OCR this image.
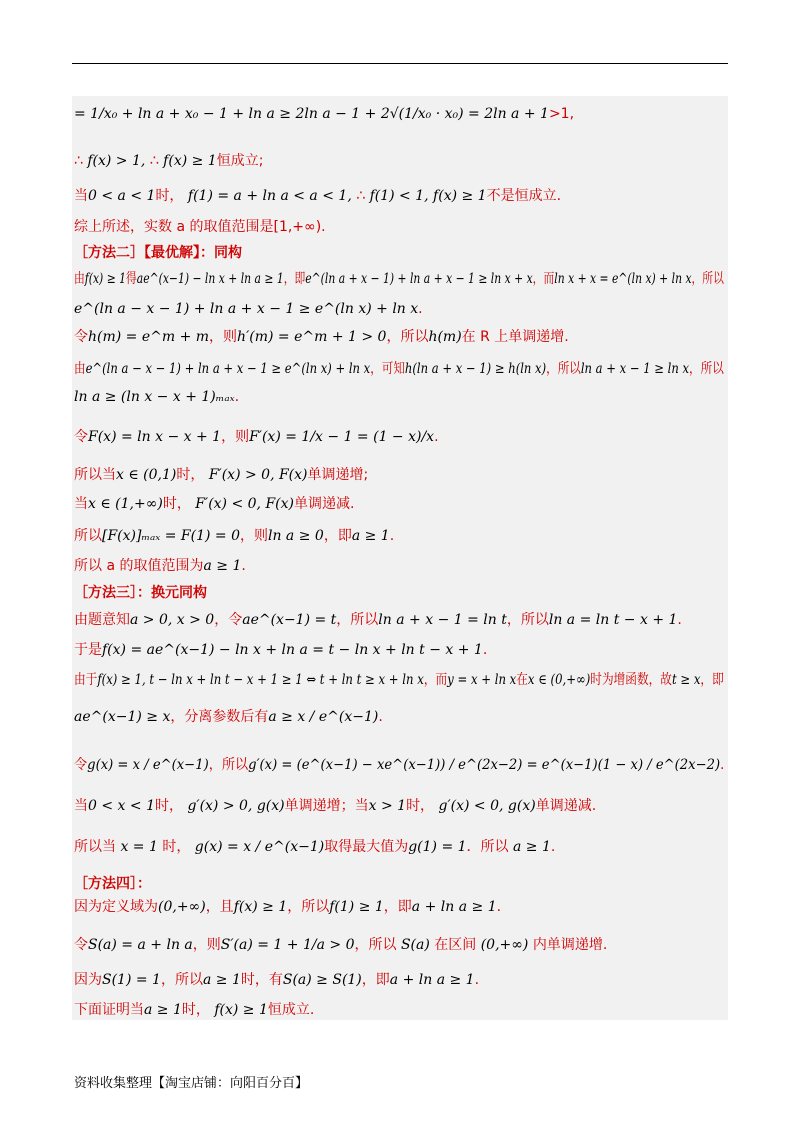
= 1/x₀ + ln a + x₀ − 1 + ln a ≥ 2ln a − 1 + 2√(1/x₀ · x₀) = 2ln a + 1>1,
∴ f(x) > 1, ∴ f(x) ≥ 1恒成立;
当0 < a < 1时， f(1) = a + ln a < a < 1, ∴ f(1) < 1, f(x) ≥ 1不是恒成立.
综上所述，实数 a 的取值范围是[1,+∞).
［方法二］【最优解】：同构
由f(x) ≥ 1得ae^(x−1) − ln x + ln a ≥ 1，即e^(ln a + x − 1) + ln a + x − 1 ≥ ln x + x，而ln x + x = e^(ln x) + ln x，所以
e^(ln a − x − 1) + ln a + x − 1 ≥ e^(ln x) + ln x.
令h(m) = e^m + m，则h′(m) = e^m + 1 > 0，所以h(m)在 R 上单调递增.
由e^(ln a − x − 1) + ln a + x − 1 ≥ e^(ln x) + ln x，可知h(ln a + x − 1) ≥ h(ln x)，所以ln a + x − 1 ≥ ln x，所以
ln a ≥ (ln x − x + 1)ₘₐₓ.
令F(x) = ln x − x + 1，则F′(x) = 1/x − 1 = (1 − x)/x.
所以当x ∈ (0,1)时， F′(x) > 0, F(x)单调递增;
当x ∈ (1,+∞)时， F′(x) < 0, F(x)单调递减.
所以[F(x)]ₘₐₓ = F(1) = 0，则ln a ≥ 0，即a ≥ 1.
所以 a 的取值范围为a ≥ 1.
［方法三］：换元同构
由题意知a > 0, x > 0，令ae^(x−1) = t，所以ln a + x − 1 = ln t，所以ln a = ln t − x + 1.
于是f(x) = ae^(x−1) − ln x + ln a = t − ln x + ln t − x + 1.
由于f(x) ≥ 1, t − ln x + ln t − x + 1 ≥ 1 ⇔ t + ln t ≥ x + ln x，而y = x + ln x在x ∈ (0,+∞)时为增函数，故t ≥ x，即
ae^(x−1) ≥ x，分离参数后有a ≥ x / e^(x−1).
令g(x) = x / e^(x−1)，所以g′(x) = (e^(x−1) − xe^(x−1)) / e^(2x−2) = e^(x−1)(1 − x) / e^(2x−2).
当0 < x < 1时， g′(x) > 0, g(x)单调递增；当x > 1时， g′(x) < 0, g(x)单调递减.
所以当 x = 1 时， g(x) = x / e^(x−1)取得最大值为g(1) = 1．所以 a ≥ 1.
［方法四］：
因为定义域为(0,+∞)，且f(x) ≥ 1，所以f(1) ≥ 1，即a + ln a ≥ 1.
令S(a) = a + ln a，则S′(a) = 1 + 1/a > 0，所以 S(a) 在区间 (0,+∞) 内单调递增.
因为S(1) = 1，所以a ≥ 1时，有S(a) ≥ S(1)，即a + ln a ≥ 1.
下面证明当a ≥ 1时， f(x) ≥ 1恒成立.
资料收集整理【淘宝店铺：向阳百分百】
